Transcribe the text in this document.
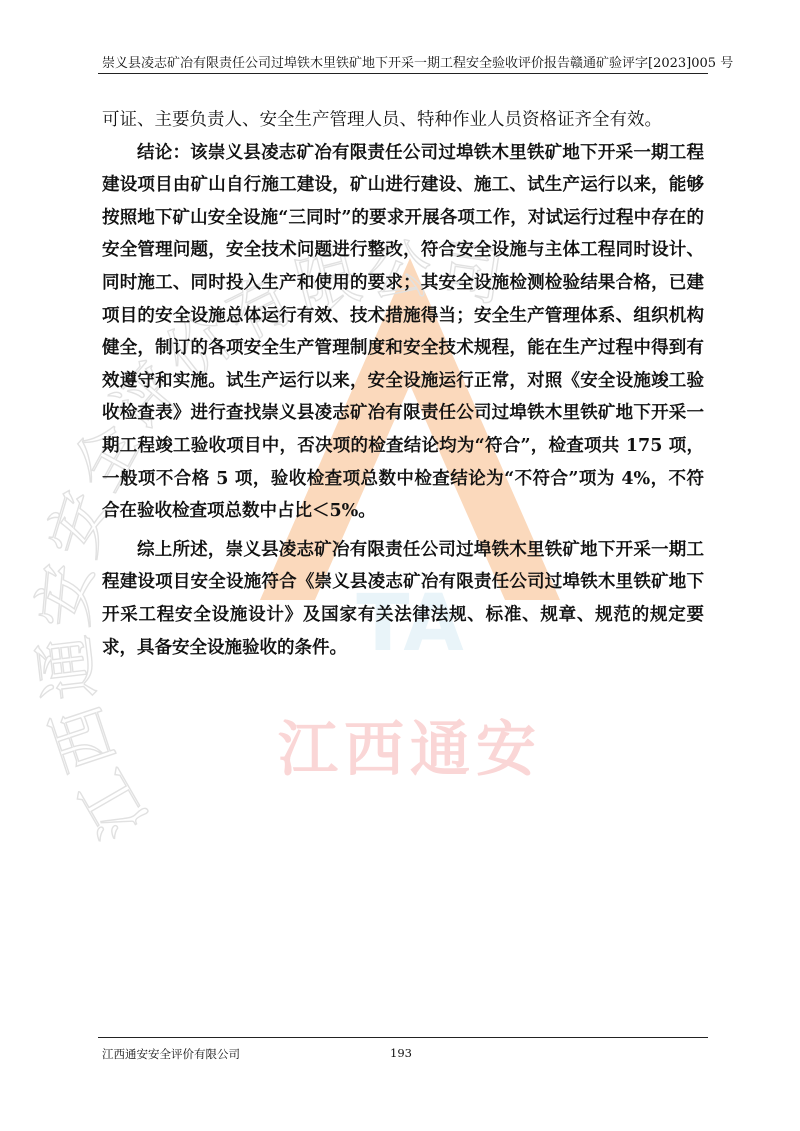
崇义县凌志矿冶有限责任公司过埠铁木里铁矿地下开采一期工程安全验收评价报告 赣通矿验评字[2023]005 号
TA
江西通安
江西通安安全评价有限公司

可证、主要负责人、安全生产管理人员、特种作业人员资格证齐全有效。

结论：该崇义县凌志矿冶有限责任公司过埠铁木里铁矿地下开采一期工程建设项目由矿山自行施工建设，矿山进行建设、施工、试生产运行以来，能够按照地下矿山安全设施“三同时”的要求开展各项工作，对试运行过程中存在的安全管理问题，安全技术问题进行整改，符合安全设施与主体工程同时设计、同时施工、同时投入生产和使用的要求；其安全设施检测检验结果合格，已建项目的安全设施总体运行有效、技术措施得当；安全生产管理体系、组织机构健全，制订的各项安全生产管理制度和安全技术规程，能在生产过程中得到有效遵守和实施。试生产运行以来，安全设施运行正常，对照《安全设施竣工验收检查表》进行查找崇义县凌志矿冶有限责任公司过埠铁木里铁矿地下开采一期工程竣工验收项目中，否决项的检查结论均为“符合”，检查项共 175 项，一般项不合格 5 项，验收检查项总数中检查结论为“不符合”项为 4%，不符合在验收检查项总数中占比＜5%。

综上所述，崇义县凌志矿冶有限责任公司过埠铁木里铁矿地下开采一期工程建设项目安全设施符合《崇义县凌志矿冶有限责任公司过埠铁木里铁矿地下开采工程安全设施设计》及国家有关法律法规、标准、规章、规范的规定要求，具备安全设施验收的条件。

江西通安安全评价有限公司	193
